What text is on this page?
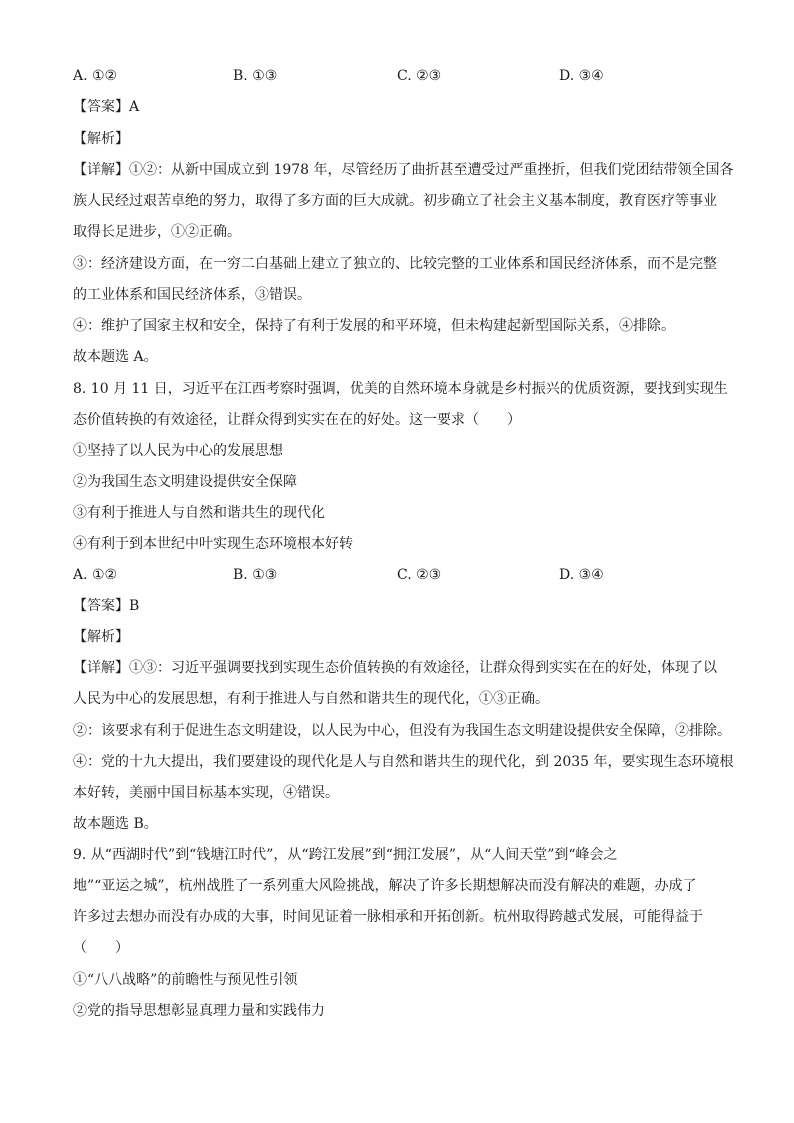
A. ①②	B. ①③	C. ②③	D. ③④
【答案】A
【解析】
【详解】①②：从新中国成立到 1978 年，尽管经历了曲折甚至遭受过严重挫折，但我们党团结带领全国各
族人民经过艰苦卓绝的努力，取得了多方面的巨大成就。初步确立了社会主义基本制度，教育医疗等事业
取得长足进步，①②正确。
③：经济建设方面，在一穷二白基础上建立了独立的、比较完整的工业体系和国民经济体系，而不是完整
的工业体系和国民经济体系，③错误。
④：维护了国家主权和安全，保持了有利于发展的和平环境，但未构建起新型国际关系，④排除。
故本题选 A。
8. 10 月 11 日，习近平在江西考察时强调，优美的自然环境本身就是乡村振兴的优质资源，要找到实现生
态价值转换的有效途径，让群众得到实实在在的好处。这一要求（　　）
①坚持了以人民为中心的发展思想
②为我国生态文明建设提供安全保障
③有利于推进人与自然和谐共生的现代化
④有利于到本世纪中叶实现生态环境根本好转
A. ①②	B. ①③	C. ②③	D. ③④
【答案】B
【解析】
【详解】①③：习近平强调要找到实现生态价值转换的有效途径，让群众得到实实在在的好处，体现了以
人民为中心的发展思想，有利于推进人与自然和谐共生的现代化，①③正确。
②：该要求有利于促进生态文明建设，以人民为中心，但没有为我国生态文明建设提供安全保障，②排除。
④：党的十九大提出，我们要建设的现代化是人与自然和谐共生的现代化，到 2035 年，要实现生态环境根
本好转，美丽中国目标基本实现，④错误。
故本题选 B。
9. 从“西湖时代”到“钱塘江时代”，从“跨江发展”到“拥江发展”，从“人间天堂”到“峰会之
地”“亚运之城”，杭州战胜了一系列重大风险挑战，解决了许多长期想解决而没有解决的难题，办成了
许多过去想办而没有办成的大事，时间见证着一脉相承和开拓创新。杭州取得跨越式发展，可能得益于
（　　）
①“八八战略”的前瞻性与预见性引领
②党的指导思想彰显真理力量和实践伟力
